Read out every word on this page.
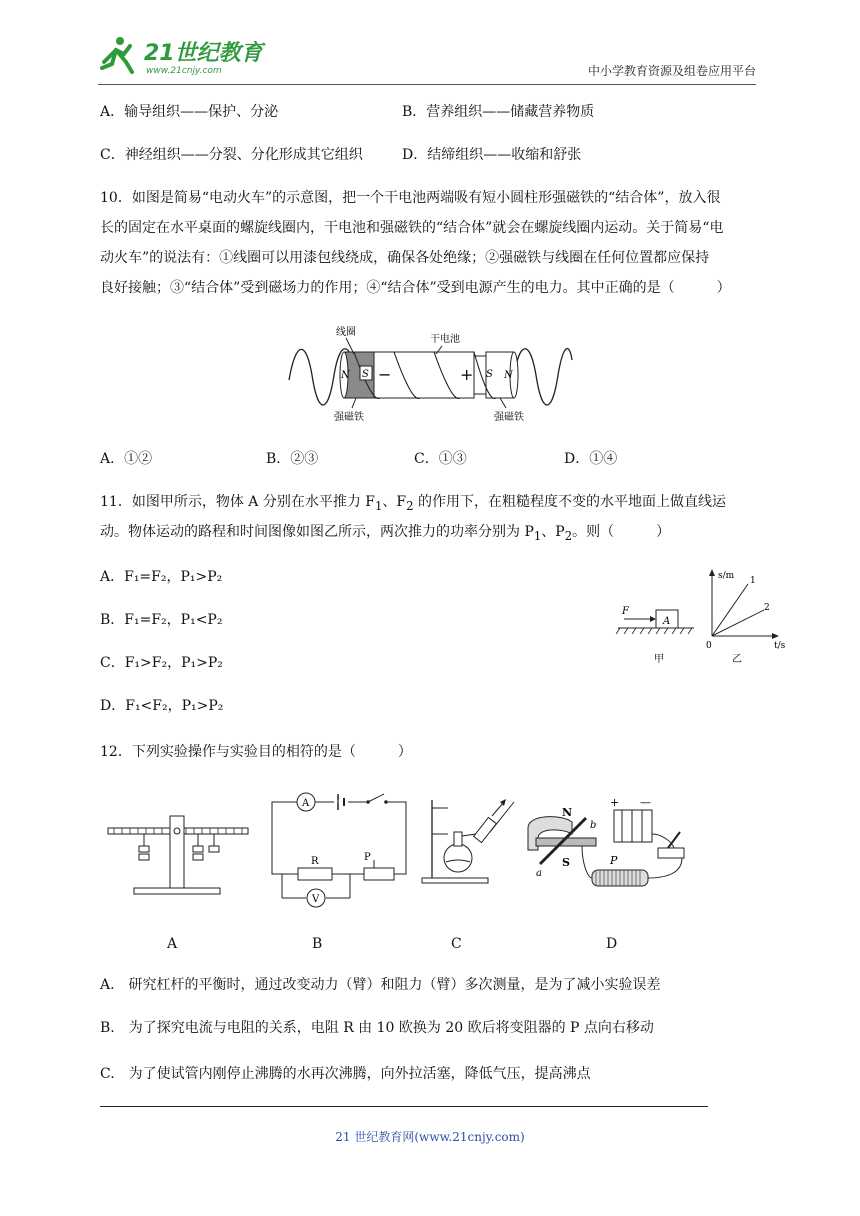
21世纪教育
www.21cnjy.com	中小学教育资源及组卷应用平台
A．输导组织——保护、分泌	B．营养组织——储藏营养物质
C．神经组织——分裂、分化形成其它组织	D．结缔组织——收缩和舒张
10．如图是简易“电动火车”的示意图，把一个干电池两端吸有短小圆柱形强磁铁的“结合体”，放入很
长的固定在水平桌面的螺旋线圈内，干电池和强磁铁的“结合体”就会在螺旋线圈内运动。关于简易“电
动火车”的说法有：①线圈可以用漆包线绕成，确保各处绝缘；②强磁铁与线圈在任何位置都应保持
良好接触；③“结合体”受到磁场力的作用；④“结合体”受到电源产生的电力。其中正确的是（　　　）
N S −	+ S N
线圈
干电池
强磁铁	强磁铁
A．①②	B．②③	C．①③	D．①④
11．如图甲所示，物体 A 分别在水平推力 $F_1$、$F_2$ 的作用下，在粗糙程度不变的水平地面上做直线运
动。物体运动的路程和时间图像如图乙所示，两次推力的功率分别为 $P_1$、$P_2$。则（　　　）
A．F₁=F₂，P₁>P₂
B．F₁=F₂，P₁<P₂
C．F₁>F₂，P₁>P₂
D．F₁<F₂，P₁>P₂
A
F
甲
s/m
t/s
0
1
2
乙
12．下列实验操作与实验目的相符的是（　　　）
A
R	P
V
N
S
b
a
+ —
P
A	B	C	D
A.　研究杠杆的平衡时，通过改变动力（臂）和阻力（臂）多次测量，是为了减小实验误差
B.　为了探究电流与电阻的关系，电阻 R 由 10 欧换为 20 欧后将变阻器的 P 点向右移动
C.　为了使试管内刚停止沸腾的水再次沸腾，向外拉活塞，降低气压，提高沸点
21 世纪教育网(www.21cnjy.com)
